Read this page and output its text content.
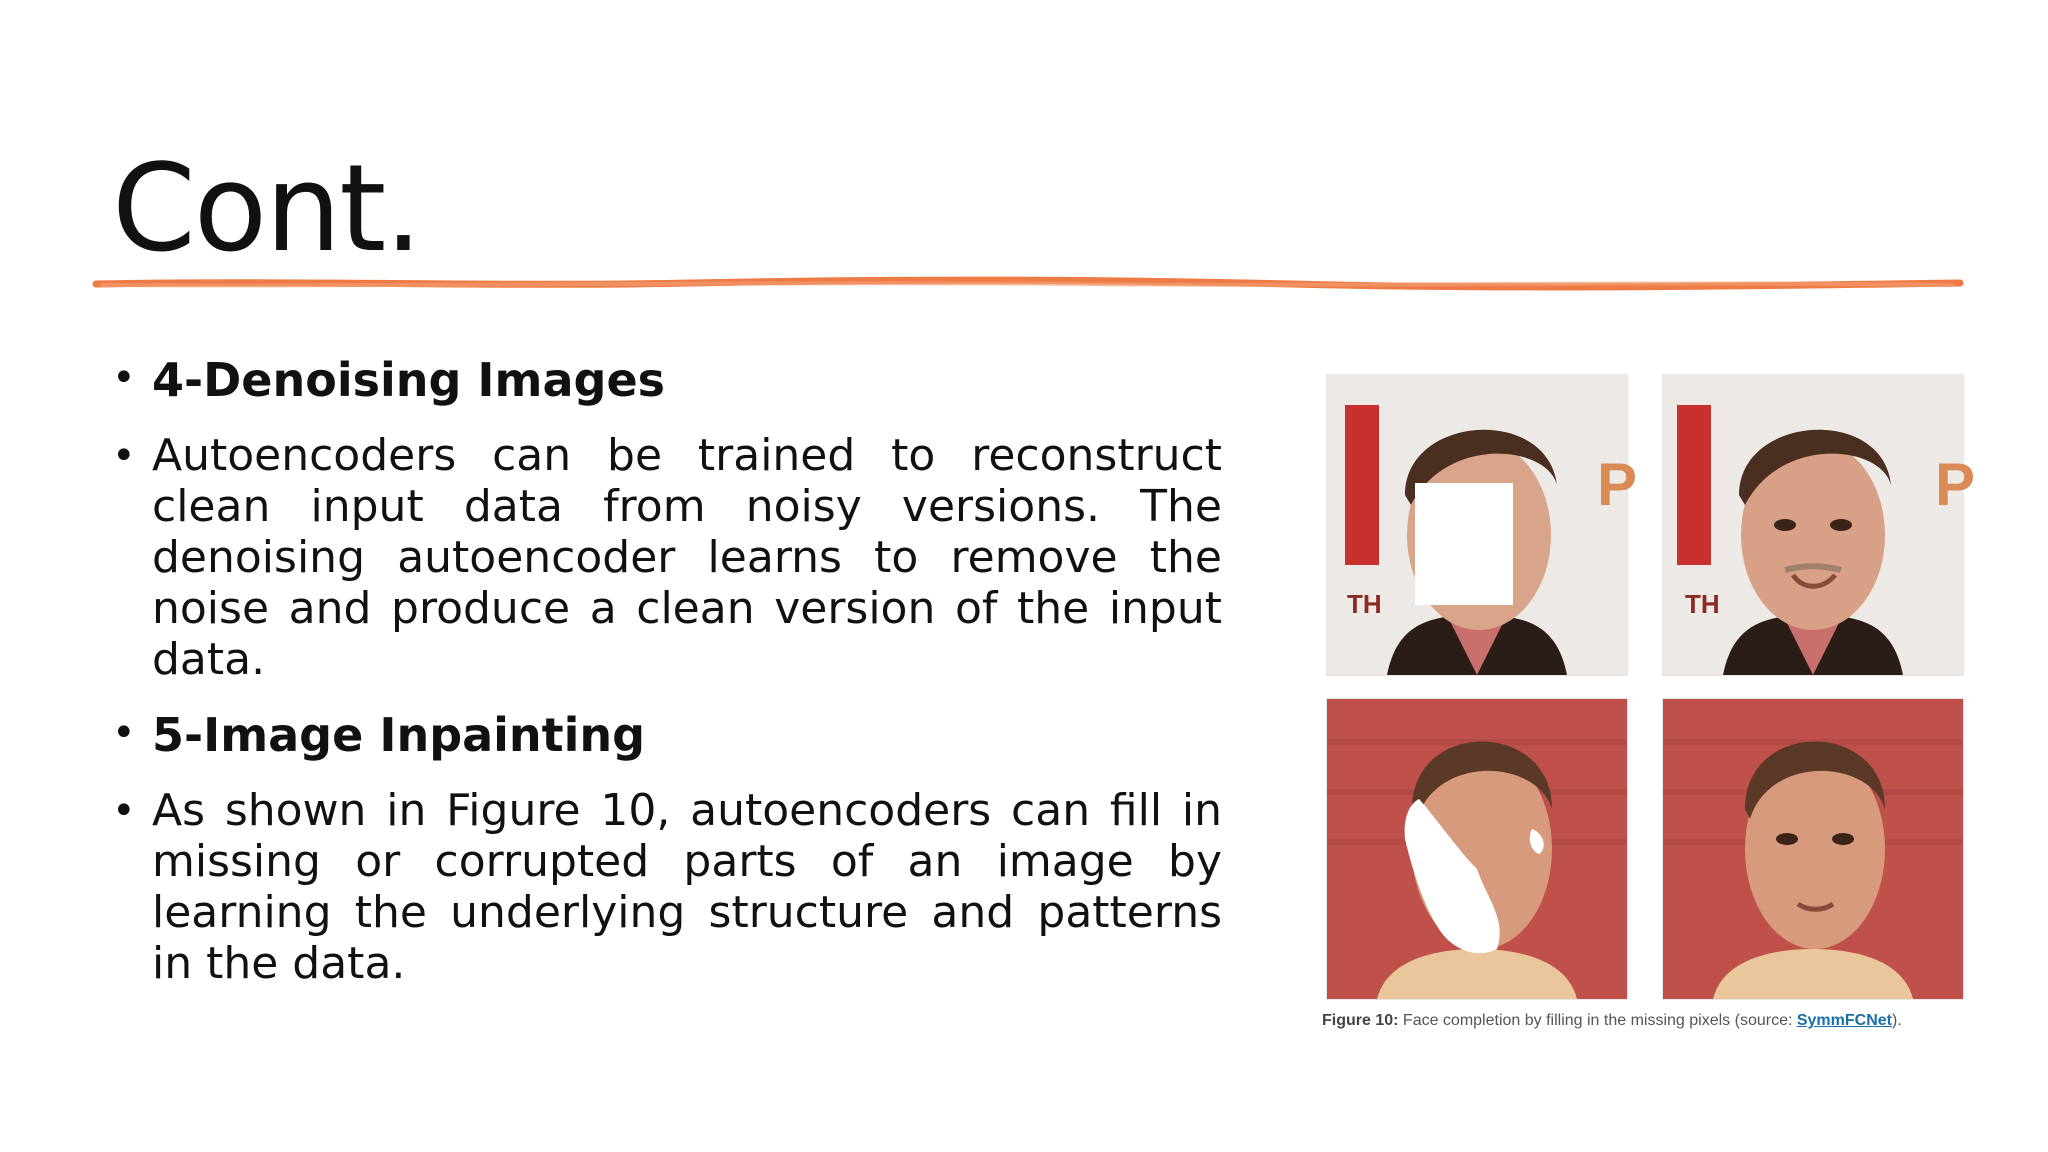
Cont.
• 4-Denoising Images

• Autoencoders can be trained to reconstruct clean input data from noisy versions. The denoising autoencoder learns to remove the noise and produce a clean version of the input data.

• 5-Image Inpainting

• As shown in Figure 10, autoencoders can fill in missing or corrupted parts of an image by learning the underlying structure and patterns in the data.

P
TH
P
TH
Figure 10: Face completion by filling in the missing pixels (source: SymmFCNet).
